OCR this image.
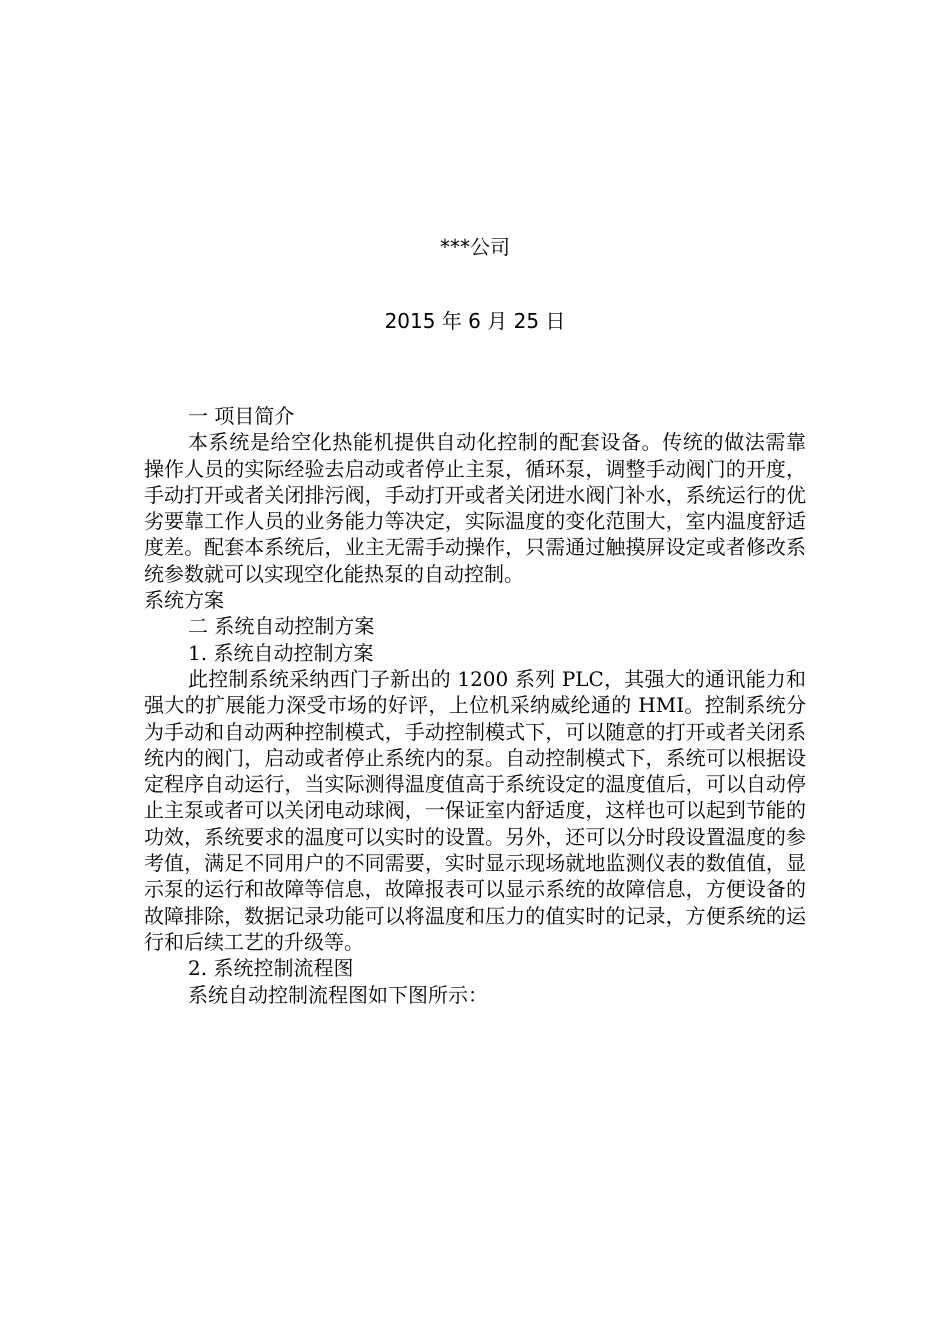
***公司
2015 年 6 月 25 日

一 项目简介

本系统是给空化热能机提供自动化控制的配套设备。传统的做法需靠操作人员的实际经验去启动或者停止主泵，循环泵，调整手动阀门的开度，手动打开或者关闭排污阀，手动打开或者关闭进水阀门补水，系统运行的优劣要靠工作人员的业务能力等决定，实际温度的变化范围大，室内温度舒适度差。配套本系统后，业主无需手动操作，只需通过触摸屏设定或者修改系统参数就可以实现空化能热泵的自动控制。

系统方案

二 系统自动控制方案

1. 系统自动控制方案

此控制系统采纳西门子新出的 1200 系列 PLC，其强大的通讯能力和强大的扩展能力深受市场的好评，上位机采纳威纶通的 HMI。控制系统分为手动和自动两种控制模式，手动控制模式下，可以随意的打开或者关闭系统内的阀门，启动或者停止系统内的泵。自动控制模式下，系统可以根据设定程序自动运行，当实际测得温度值高于系统设定的温度值后，可以自动停止主泵或者可以关闭电动球阀，一保证室内舒适度，这样也可以起到节能的功效，系统要求的温度可以实时的设置。另外，还可以分时段设置温度的参考值，满足不同用户的不同需要，实时显示现场就地监测仪表的数值值，显示泵的运行和故障等信息，故障报表可以显示系统的故障信息，方便设备的故障排除，数据记录功能可以将温度和压力的值实时的记录，方便系统的运行和后续工艺的升级等。

2. 系统控制流程图

系统自动控制流程图如下图所示：
